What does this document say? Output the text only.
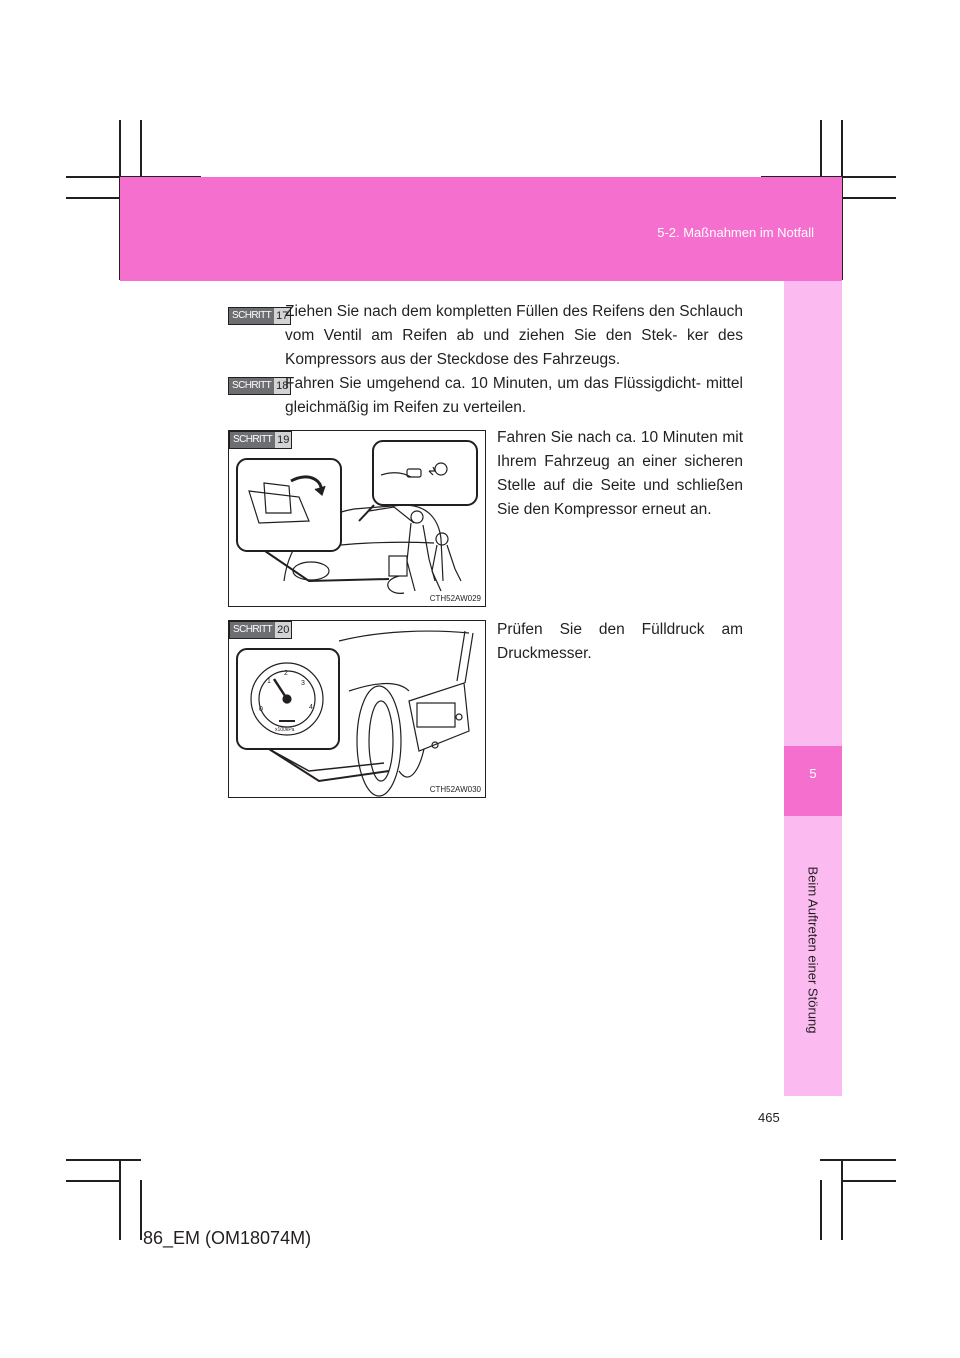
5-2. Maßnahmen im Notfall
5
Beim Auftreten einer Störung
SCHRITT 17

Ziehen Sie nach dem kompletten Füllen des Reifens den Schlauch vom Ventil am Reifen ab und ziehen Sie den Stek- ker des Kompressors aus der Steckdose des Fahrzeugs.

SCHRITT 18

Fahren Sie umgehend ca. 10 Minuten, um das Flüssigdicht- mittel gleichmäßig im Reifen zu verteilen.

SCHRITT 19
CTH52AW029

Fahren Sie nach ca. 10 Minuten mit Ihrem Fahrzeug an einer sicheren Stelle auf die Seite und schließen Sie den Kompressor erneut an.

0
1
2
3
4
x100kPa
SCHRITT 20
CTH52AW030

Prüfen Sie den Fülldruck am Druckmesser.

465
86_EM (OM18074M)
